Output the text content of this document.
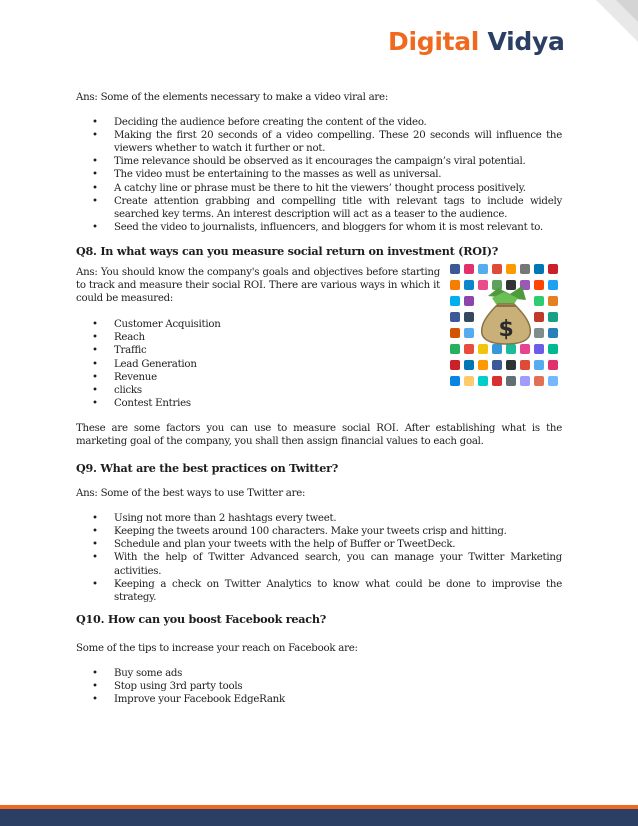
Digital Vidya

Ans: Some of the elements necessary to make a video viral are:

• Deciding the audience before creating the content of the video.
• Making the first 20 seconds of a video compelling. These 20 seconds will influence the viewers whether to watch it further or not.
• Time relevance should be observed as it encourages the campaign’s viral potential.
• The video must be entertaining to the masses as well as universal.
• A catchy line or phrase must be there to hit the viewers’ thought process positively.
• Create attention grabbing and compelling title with relevant tags to include widely searched key terms. An interest description will act as a teaser to the audience.
• Seed the video to journalists, influencers, and bloggers for whom it is most relevant to.
Q8. In what ways can you measure social return on investment (ROI)?

Ans: You should know the company's goals and objectives before starting to track and measure their social ROI. There are various ways in which it could be measured:

• Customer Acquisition
• Reach
• Traffic
• Lead Generation
• Revenue
• clicks
• Contest Entries
$

These are some factors you can use to measure social ROI. After establishing what is the marketing goal of the company, you shall then assign financial values to each goal.

Q9. What are the best practices on Twitter?

Ans: Some of the best ways to use Twitter are:

• Using not more than 2 hashtags every tweet.
• Keeping the tweets around 100 characters. Make your tweets crisp and hitting.
• Schedule and plan your tweets with the help of Buffer or TweetDeck.
• With the help of Twitter Advanced search, you can manage your Twitter Marketing activities.
• Keeping a check on Twitter Analytics to know what could be done to improvise the strategy.
Q10. How can you boost Facebook reach?

Some of the tips to increase your reach on Facebook are:

• Buy some ads
• Stop using 3rd party tools
• Improve your Facebook EdgeRank
